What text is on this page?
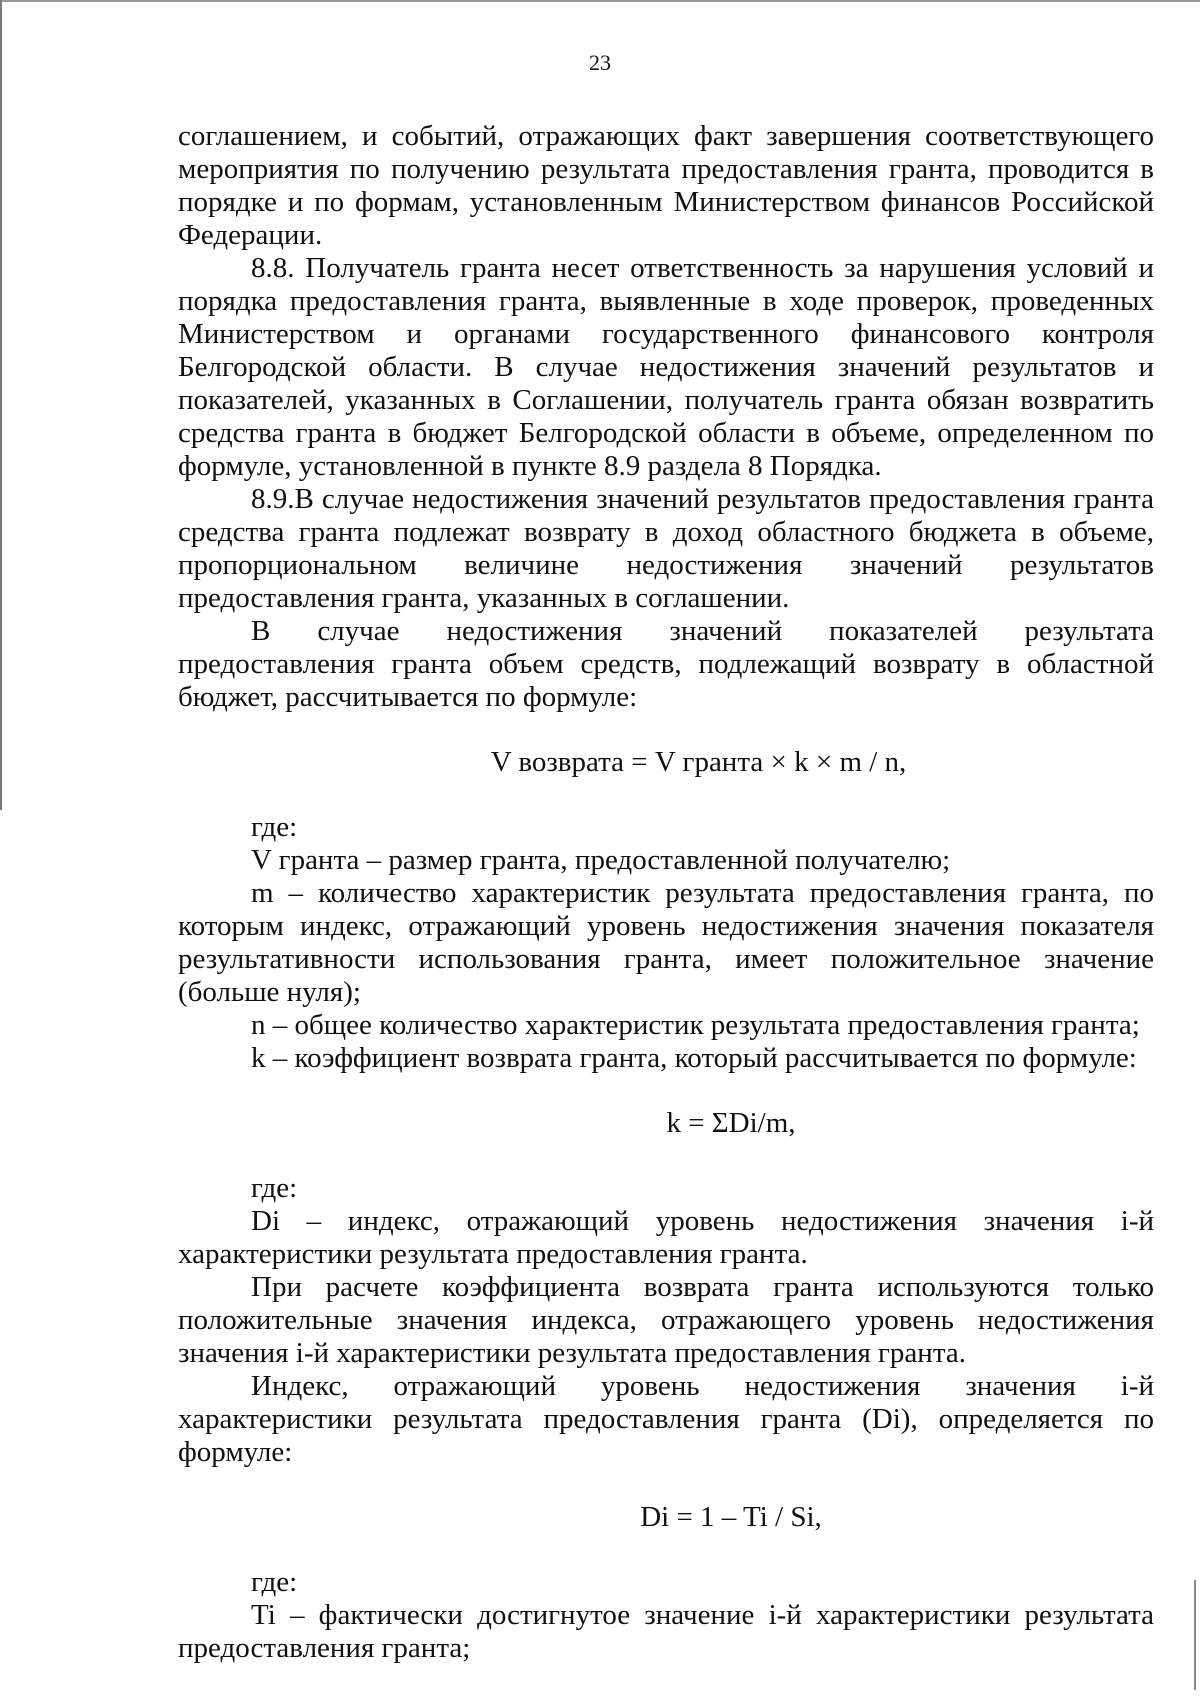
23

соглашением, и событий, отражающих факт завершения соответствующего мероприятия по получению результата предоставления гранта, проводится в порядке и по формам, установленным Министерством финансов Российской Федерации.

8.8. Получатель гранта несет ответственность за нарушения условий и порядка предоставления гранта, выявленные в ходе проверок, проведенных Министерством и органами государственного финансового контроля Белгородской области. В случае недостижения значений результатов и показателей, указанных в Соглашении, получатель гранта обязан возвратить средства гранта в бюджет Белгородской области в объеме, определенном по формуле, установленной в пункте 8.9 раздела 8 Порядка.

8.9.В случае недостижения значений результатов предоставления гранта средства гранта подлежат возврату в доход областного бюджета в объеме, пропорциональном величине недостижения значений результатов предоставления гранта, указанных в соглашении.

В случае недостижения значений показателей результата предоставления гранта объем средств, подлежащий возврату в областной бюджет, рассчитывается по формуле:

V возврата = V гранта × k × m / n,

где:

V гранта – размер гранта, предоставленной получателю;

m – количество характеристик результата предоставления гранта, по которым индекс, отражающий уровень недостижения значения показателя результативности использования гранта, имеет положительное значение (больше нуля);

n – общее количество характеристик результата предоставления гранта;

k – коэффициент возврата гранта, который рассчитывается по формуле:

k = ΣDi/m,

где:

Di – индекс, отражающий уровень недостижения значения i-й характеристики результата предоставления гранта.

При расчете коэффициента возврата гранта используются только положительные значения индекса, отражающего уровень недостижения значения i-й характеристики результата предоставления гранта.

Индекс, отражающий уровень недостижения значения i-й характеристики результата предоставления гранта (Di), определяется по формуле:

Di = 1 – Ti / Si,

где:

Ti – фактически достигнутое значение i-й характеристики результата предоставления гранта;
